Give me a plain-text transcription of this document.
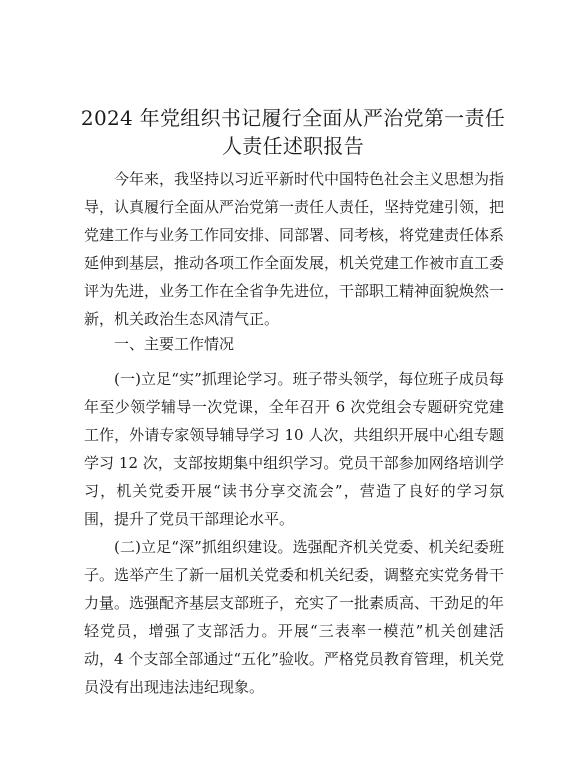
2024 年党组织书记履行全面从严治党第一责任
人责任述职报告

今年来，我坚持以习近平新时代中国特色社会主义思想为指导，认真履行全面从严治党第一责任人责任，坚持党建引领，把党建工作与业务工作同安排、同部署、同考核，将党建责任体系延伸到基层，推动各项工作全面发展，机关党建工作被市直工委评为先进，业务工作在全省争先进位，干部职工精神面貌焕然一新，机关政治生态风清气正。

一、主要工作情况

(一)立足“实”抓理论学习。班子带头领学，每位班子成员每年至少领学辅导一次党课，全年召开 6 次党组会专题研究党建工作，外请专家领导辅导学习 10 人次，共组织开展中心组专题学习 12 次，支部按期集中组织学习。党员干部参加网络培训学习，机关党委开展“读书分享交流会”，营造了良好的学习氛围，提升了党员干部理论水平。

(二)立足“深”抓组织建设。选强配齐机关党委、机关纪委班子。选举产生了新一届机关党委和机关纪委，调整充实党务骨干力量。选强配齐基层支部班子，充实了一批素质高、干劲足的年轻党员，增强了支部活力。开展“三表率一模范”机关创建活动，4 个支部全部通过“五化”验收。严格党员教育管理，机关党员没有出现违法违纪现象。
